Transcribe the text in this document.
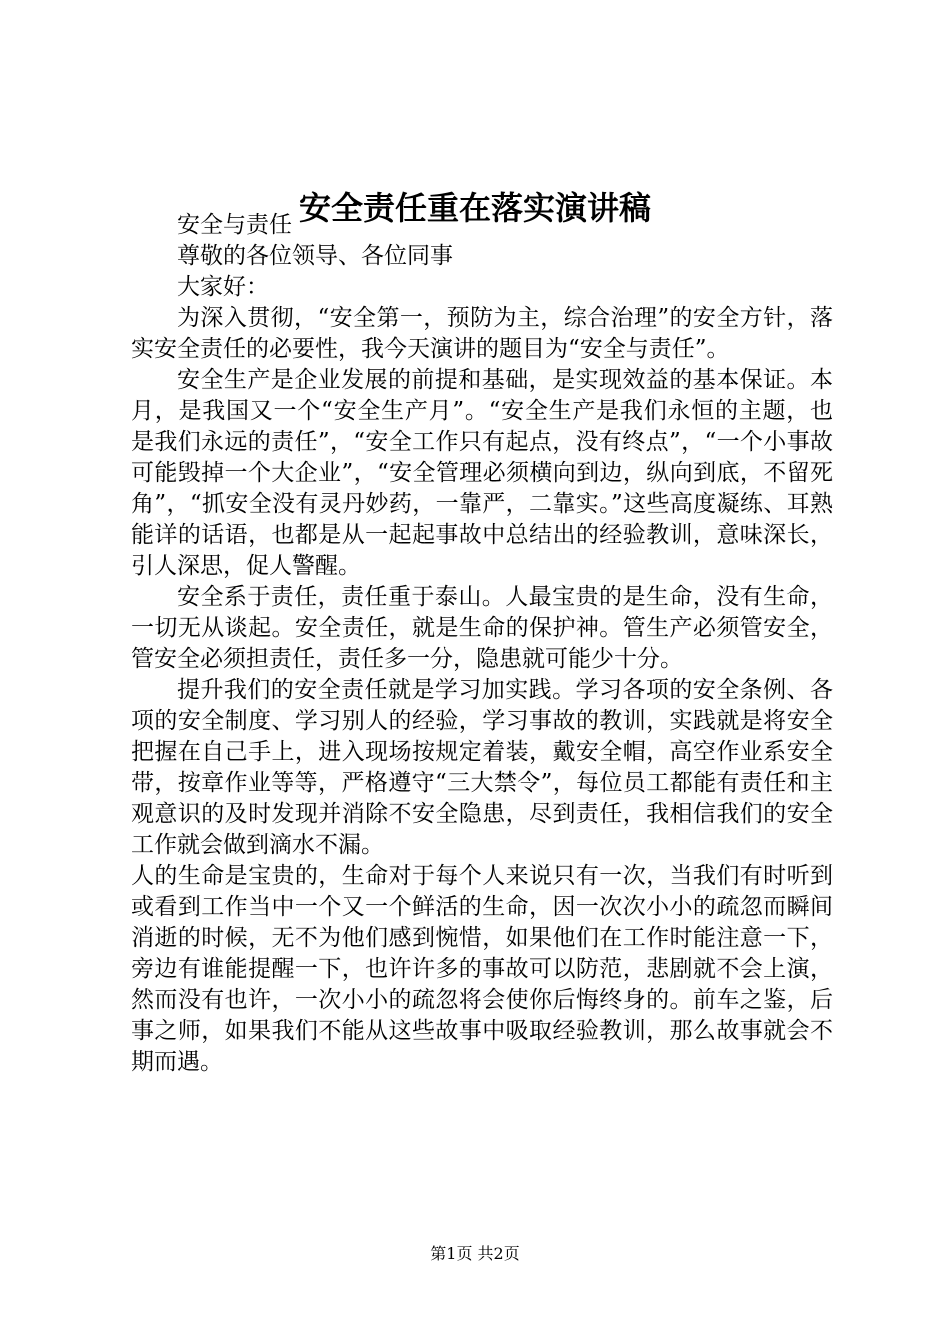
安全责任重在落实演讲稿

安全与责任

尊敬的各位领导、各位同事

大家好：

为深入贯彻，“安全第一，预防为主，综合治理”的安全方针，落实安全责任的必要性，我今天演讲的题目为“安全与责任”。

安全生产是企业发展的前提和基础，是实现效益的基本保证。本月，是我国又一个“安全生产月”。“安全生产是我们永恒的主题，也是我们永远的责任”，“安全工作只有起点，没有终点”，“一个小事故可能毁掉一个大企业”，“安全管理必须横向到边，纵向到底，不留死角”，“抓安全没有灵丹妙药，一靠严，二靠实。”这些高度凝练、耳熟能详的话语，也都是从一起起事故中总结出的经验教训，意味深长，引人深思，促人警醒。

安全系于责任，责任重于泰山。人最宝贵的是生命，没有生命，一切无从谈起。安全责任，就是生命的保护神。管生产必须管安全，管安全必须担责任，责任多一分，隐患就可能少十分。

提升我们的安全责任就是学习加实践。学习各项的安全条例、各项的安全制度、学习别人的经验，学习事故的教训，实践就是将安全把握在自己手上，进入现场按规定着装，戴安全帽，高空作业系安全带，按章作业等等，严格遵守“三大禁令”，每位员工都能有责任和主观意识的及时发现并消除不安全隐患，尽到责任，我相信我们的安全工作就会做到滴水不漏。

人的生命是宝贵的，生命对于每个人来说只有一次，当我们有时听到或看到工作当中一个又一个鲜活的生命，因一次次小小的疏忽而瞬间消逝的时候，无不为他们感到惋惜，如果他们在工作时能注意一下，旁边有谁能提醒一下，也许许多的事故可以防范，悲剧就不会上演，然而没有也许，一次小小的疏忽将会使你后悔终身的。前车之鉴，后事之师，如果我们不能从这些故事中吸取经验教训，那么故事就会不期而遇。

第1页 共2页
